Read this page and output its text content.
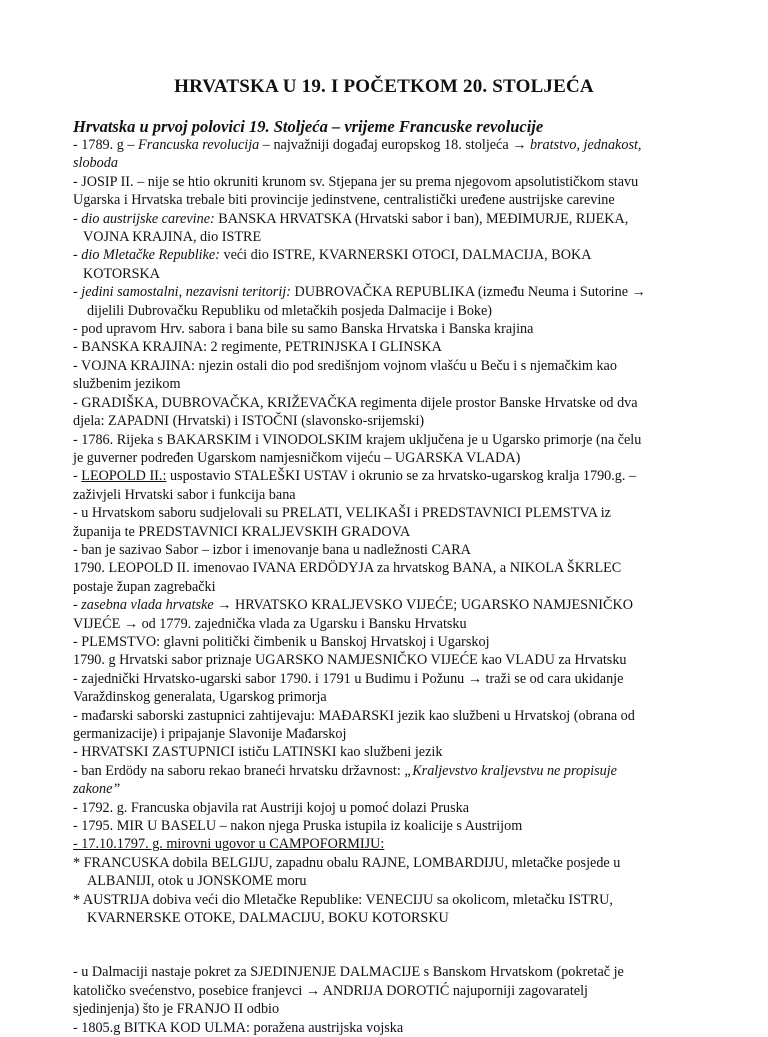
HRVATSKA U 19. I POČETKOM 20. STOLJEĆA
Hrvatska u prvoj polovici 19. Stoljeća – vrijeme Francuske revolucije
- 1789. g – Francuska revolucija – najvažniji događaj europskog 18. stoljeća → bratstvo, jednakost,
sloboda
- JOSIP II. – nije se htio okruniti krunom sv. Stjepana jer su prema njegovom apsolutističkom stavu
Ugarska i Hrvatska trebale biti provincije jedinstvene, centralistički uređene austrijske carevine
- dio austrijske carevine: BANSKA HRVATSKA (Hrvatski sabor i ban), MEĐIMURJE, RIJEKA,
VOJNA KRAJINA, dio ISTRE
- dio Mletačke Republike: veći dio ISTRE, KVARNERSKI OTOCI, DALMACIJA, BOKA
KOTORSKA
- jedini samostalni, nezavisni teritorij: DUBROVAČKA REPUBLIKA (između Neuma i Sutorine →
dijelili Dubrovačku Republiku od mletačkih posjeda Dalmacije i Boke)
- pod upravom Hrv. sabora i bana bile su samo Banska Hrvatska i Banska krajina
- BANSKA KRAJINA: 2 regimente, PETRINJSKA I GLINSKA
- VOJNA KRAJINA: njezin ostali dio pod središnjom vojnom vlašću u Beču i s njemačkim kao
službenim jezikom
- GRADIŠKA, DUBROVAČKA, KRIŽEVAČKA regimenta dijele prostor Banske Hrvatske od dva
djela: ZAPADNI (Hrvatski) i ISTOČNI (slavonsko-srijemski)
- 1786. Rijeka s BAKARSKIM i VINODOLSKIM krajem uključena je u Ugarsko primorje (na čelu
je guverner podređen Ugarskom namjesničkom vijeću – UGARSKA VLADA)
- LEOPOLD II.: uspostavio STALEŠKI USTAV i okrunio se za hrvatsko-ugarskog kralja 1790.g. –
zaživjeli Hrvatski sabor i funkcija bana
- u Hrvatskom saboru sudjelovali su PRELATI, VELIKAŠI i PREDSTAVNICI PLEMSTVA iz
županija te PREDSTAVNICI KRALJEVSKIH GRADOVA
- ban je sazivao Sabor – izbor i imenovanje bana u nadležnosti CARA
1790. LEOPOLD II. imenovao IVANA ERDÖDYJA za hrvatskog BANA, a NIKOLA ŠKRLEC
postaje župan zagrebački
- zasebna vlada hrvatske → HRVATSKO KRALJEVSKO VIJEĆE; UGARSKO NAMJESNIČKO
VIJEĆE → od 1779. zajednička vlada za Ugarsku i Bansku Hrvatsku
- PLEMSTVO: glavni politički čimbenik u Banskoj Hrvatskoj i Ugarskoj
1790. g Hrvatski sabor priznaje UGARSKO NAMJESNIČKO VIJEĆE kao VLADU za Hrvatsku
- zajednički Hrvatsko-ugarski sabor 1790. i 1791 u Budimu i Požunu → traži se od cara ukidanje
Varaždinskog generalata, Ugarskog primorja
- mađarski saborski zastupnici zahtijevaju: MAĐARSKI jezik kao službeni u Hrvatskoj (obrana od
germanizacije) i pripajanje Slavonije Mađarskoj
- HRVATSKI ZASTUPNICI ističu LATINSKI kao službeni jezik
- ban Erdödy na saboru rekao braneći hrvatsku državnost: „Kraljevstvo kraljevstvu ne propisuje
zakone”
- 1792. g. Francuska objavila rat Austriji kojoj u pomoć dolazi Pruska
- 1795. MIR U BASELU – nakon njega Pruska istupila iz koalicije s Austrijom
- 17.10.1797. g. mirovni ugovor u CAMPOFORMIJU:
* FRANCUSKA dobila BELGIJU, zapadnu obalu RAJNE, LOMBARDIJU, mletačke posjede u
ALBANIJI, otok u JONSKOME moru
* AUSTRIJA dobiva veći dio Mletačke Republike: VENECIJU sa okolicom, mletačku ISTRU,
KVARNERSKE OTOKE, DALMACIJU, BOKU KOTORSKU
- u Dalmaciji nastaje pokret za SJEDINJENJE DALMACIJE s Banskom Hrvatskom (pokretač je
katoličko svećenstvo, posebice franjevci → ANDRIJA DOROTIĆ najuporniji zagovaratelj
sjedinjenja) što je FRANJO II odbio
- 1805.g BITKA KOD ULMA: poražena austrijska vojska
